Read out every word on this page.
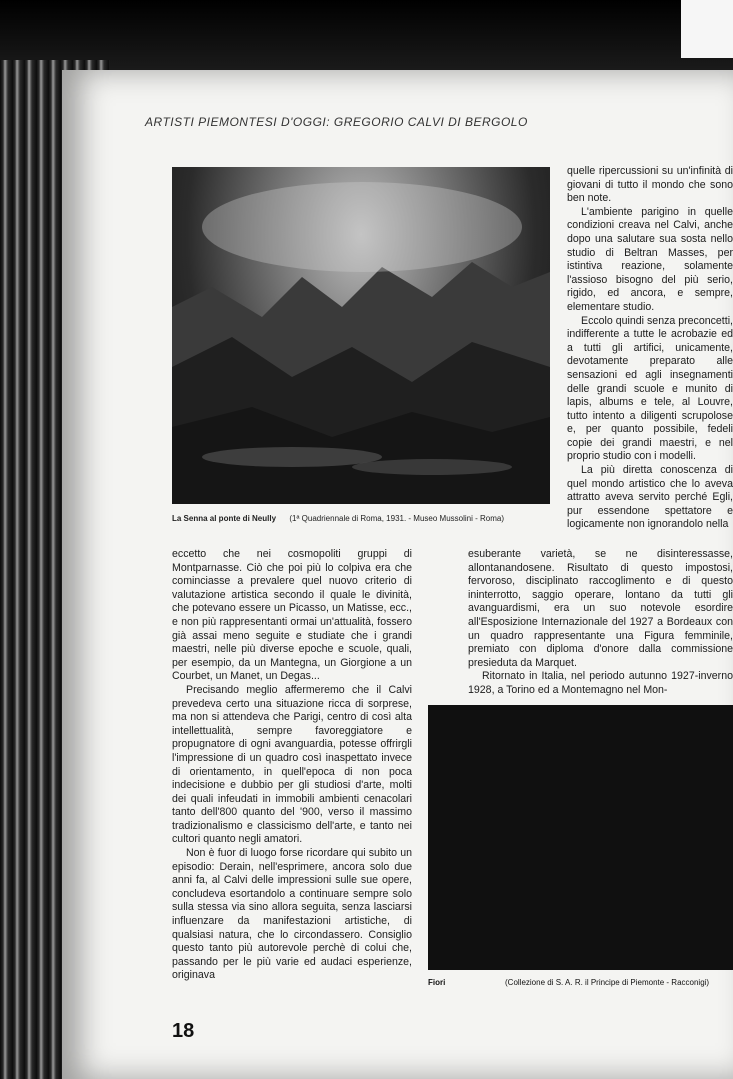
ARTISTI PIEMONTESI D'OGGI: GREGORIO CALVI DI BERGOLO
La Senna al ponte di Neully (1ª Quadriennale di Roma, 1931. - Museo Mussolini - Roma)

quelle ripercussioni su un'infinità di giovani di tutto il mondo che sono ben note.

L'ambiente parigino in quelle condizioni creava nel Calvi, anche dopo una salutare sua sosta nello studio di Beltran Masses, per istintiva reazione, solamente l'assioso bisogno del più serio, rigido, ed ancora, e sempre, elementare studio.

Eccolo quindi senza preconcetti, indifferente a tutte le acrobazie ed a tutti gli artifici, unicamente, devotamente preparato alle sensazioni ed agli insegnamenti delle grandi scuole e munito di lapis, albums e tele, al Louvre, tutto intento a diligenti scrupolose e, per quanto possibile, fedeli copie dei grandi maestri, e nel proprio studio con i modelli.

La più diretta conoscenza di quel mondo artistico che lo aveva attratto aveva servito perché Egli, pur essendone spettatore e logicamente non ignorandolo nella

eccetto che nei cosmopoliti gruppi di Montparnasse. Ciò che poi più lo colpiva era che cominciasse a prevalere quel nuovo criterio di valutazione artistica secondo il quale le divinità, che potevano essere un Picasso, un Matisse, ecc., e non più rappresentanti ormai un'attualità, fossero già assai meno seguite e studiate che i grandi maestri, nelle più diverse epoche e scuole, quali, per esempio, da un Mantegna, un Giorgione a un Courbet, un Manet, un Degas...

Precisando meglio affermeremo che il Calvi prevedeva certo una situazione ricca di sorprese, ma non si attendeva che Parigi, centro di così alta intellettualità, sempre favoreggiatore e propugnatore di ogni avanguardia, potesse offrirgli l'impressione di un quadro così inaspettato invece di orientamento, in quell'epoca di non poca indecisione e dubbio per gli studiosi d'arte, molti dei quali infeudati in immobili ambienti cenacolari tanto dell'800 quanto del '900, verso il massimo tradizionalismo e classicismo dell'arte, e tanto nei cultori quanto negli amatori.

Non è fuor di luogo forse ricordare qui subito un episodio: Derain, nell'esprimere, ancora solo due anni fa, al Calvi delle impressioni sulle sue opere, concludeva esortandolo a continuare sempre solo sulla stessa via sino allora seguita, senza lasciarsi influenzare da manifestazioni artistiche, di qualsiasi natura, che lo circondassero. Consiglio questo tanto più autorevole perchè di colui che, passando per le più varie ed audaci esperienze, originava

esuberante varietà, se ne disinteressasse, allontanandosene. Risultato di questo impostosi, fervoroso, disciplinato raccoglimento e di questo ininterrotto, saggio operare, lontano da tutti gli avanguardismi, era un suo notevole esordire all'Esposizione Internazionale del 1927 a Bordeaux con un quadro rappresentante una Figura femminile, premiato con diploma d'onore dalla commissione presieduta da Marquet.

Ritornato in Italia, nel periodo autunno 1927-inverno 1928, a Torino ed a Montemagno nel Mon-

Fiori	(Collezione di S. A. R. il Principe di Piemonte - Racconigi)
18
